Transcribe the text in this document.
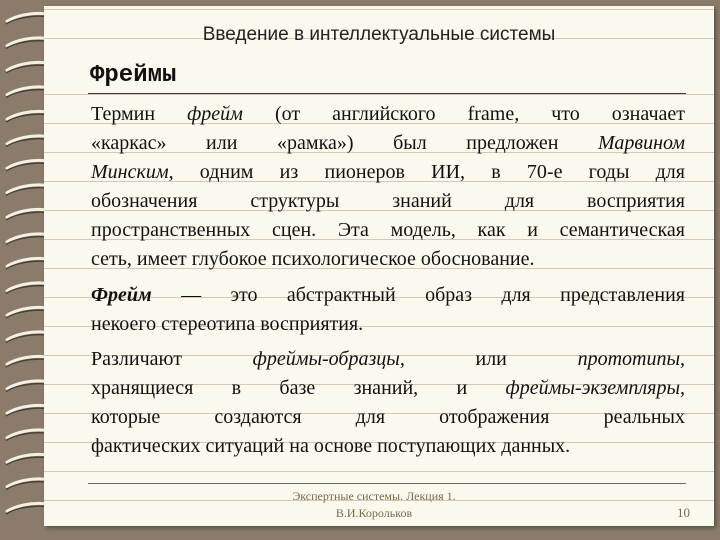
Введение в интеллектуальные системы
Фреймы
Термин фрейм (от английского frame, что означает
«каркас» или «рамка») был предложен Марвином
Минским, одним из пионеров ИИ, в 70-е годы для
обозначения структуры знаний для восприятия
пространственных сцен. Эта модель, как и семантическая
сеть, имеет глубокое психологическое обоснование.
Фрейм — это абстрактный образ для представления
некоего стереотипа восприятия.
Различают фреймы-образцы, или прототипы,
хранящиеся в базе знаний, и фреймы-экземпляры,
которые создаются для отображения реальных
фактических ситуаций на основе поступающих данных.
Экспертные системы. Лекция 1.
В.И.Корольков	10
